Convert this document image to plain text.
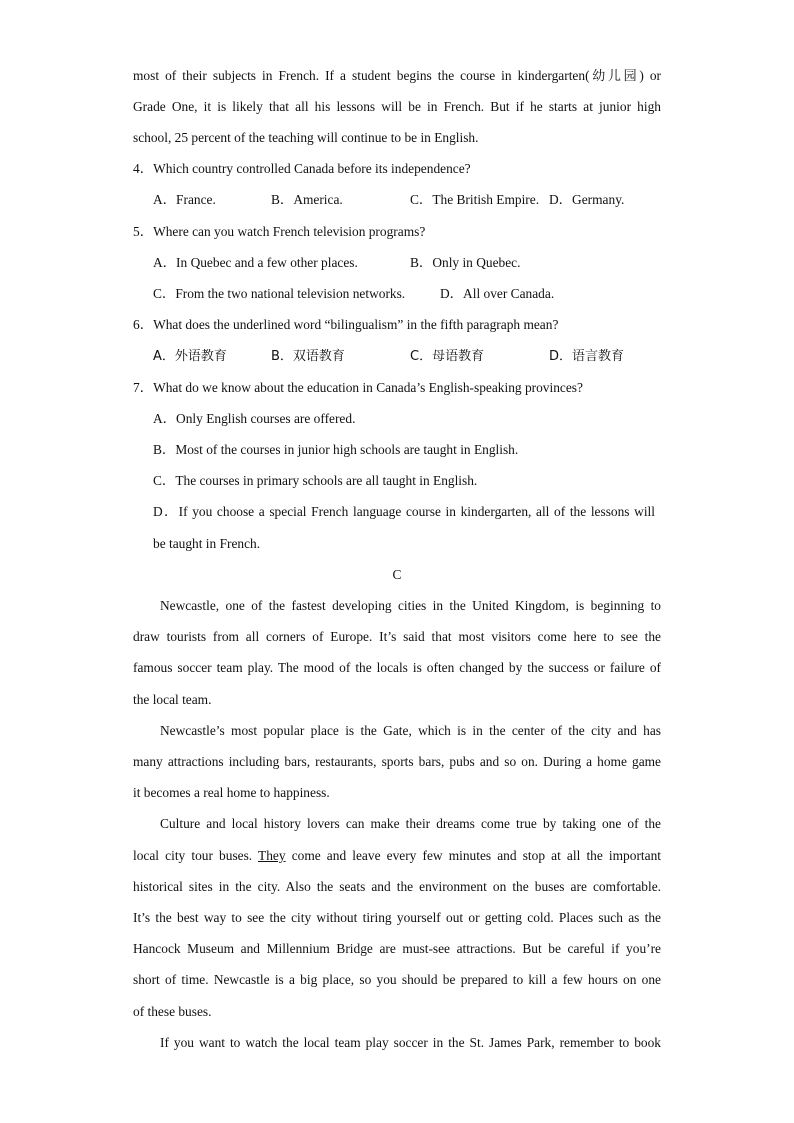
most of their subjects in French. If a student begins the course in kindergarten(幼儿园) or
Grade One, it is likely that all his lessons will be in French. But if he starts at junior high
school, 25 percent of the teaching will continue to be in English.
4．Which country controlled Canada before its independence?
A．France.	B．America.	C．The British Empire. D．Germany.
5．Where can you watch French television programs?
A．In Quebec and a few other places.	B．Only in Quebec.
C．From the two national television networks.	D．All over Canada.
6．What does the underlined word “bilingualism” in the fifth paragraph mean?
A．外语教育	B．双语教育	C．母语教育	D．语言教育
7．What do we know about the education in Canada’s English-speaking provinces?
A．Only English courses are offered.
B．Most of the courses in junior high schools are taught in English.
C．The courses in primary schools are all taught in English.
D．If you choose a special French language course in kindergarten, all of the lessons will
be taught in French.
C
Newcastle, one of the fastest developing cities in the United Kingdom, is beginning to
draw tourists from all corners of Europe. It’s said that most visitors come here to see the
famous soccer team play. The mood of the locals is often changed by the success or failure of
the local team.
Newcastle’s most popular place is the Gate, which is in the center of the city and has
many attractions including bars, restaurants, sports bars, pubs and so on. During a home game
it becomes a real home to happiness.
Culture and local history lovers can make their dreams come true by taking one of the
local city tour buses. They come and leave every few minutes and stop at all the important
historical sites in the city. Also the seats and the environment on the buses are comfortable.
It’s the best way to see the city without tiring yourself out or getting cold. Places such as the
Hancock Museum and Millennium Bridge are must-see attractions. But be careful if you’re
short of time. Newcastle is a big place, so you should be prepared to kill a few hours on one
of these buses.
If you want to watch the local team play soccer in the St. James Park, remember to book
